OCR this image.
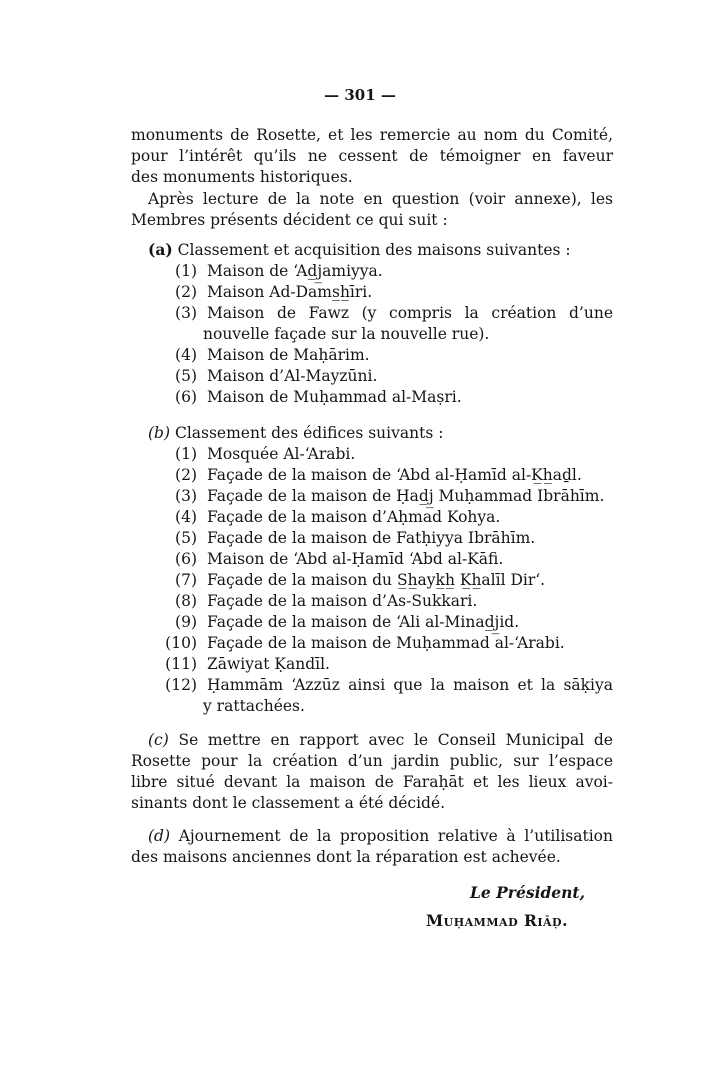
— 301 —
monuments de Rosette, et les remercie au nom du Comité,
pour l’intérêt qu’ils ne cessent de témoigner en faveur
des monuments historiques.
Après lecture de la note en question (voir annexe), les
Membres présents décident ce qui suit :
(a) Classement et acquisition des maisons suivantes :
(1) Maison de ‘Ad̲j̲amiyya.
(2) Maison Ad-Dams̲h̲īri.
(3) Maison de Fawz (y compris la création d’une
nouvelle façade sur la nouvelle rue).
(4) Maison de Maḥārim.
(5) Maison d’Al-Mayzūni.
(6) Maison de Muḥammad al-Maṣri.
(b) Classement des édifices suivants :
(1) Mosquée Al-‘Arabi.
(2) Façade de la maison de ‘Abd al-Ḥamīd al-K̲h̲aḏl.
(3) Façade de la maison de Ḥad̲j̲ Muḥammad Ibrāhīm.
(4) Façade de la maison d’Aḥmad Kohya.
(5) Façade de la maison de Fatḥiyya Ibrāhīm.
(6) Maison de ‘Abd al-Ḥamīd ‘Abd al-Kāfi.
(7) Façade de la maison du S̲h̲ayk̲h̲ K̲h̲alīl Dir‘.
(8) Façade de la maison d’As-Sukkari.
(9) Façade de la maison de ‘Ali al-Minad̲j̲id.
(10) Façade de la maison de Muḥammad al-‘Arabi.
(11) Zāwiyat Ḳandīl.
(12) Ḥammām ‘Azzūz ainsi que la maison et la sāḳiya
y rattachées.
(c) Se mettre en rapport avec le Conseil Municipal de
Rosette pour la création d’un jardin public, sur l’espace
libre situé devant la maison de Faraḥāt et les lieux avoi-
sinants dont le classement a été décidé.
(d) Ajournement de la proposition relative à l’utilisation
des maisons anciennes dont la réparation est achevée.
Le Président,
Muḥammad Riāḍ.
